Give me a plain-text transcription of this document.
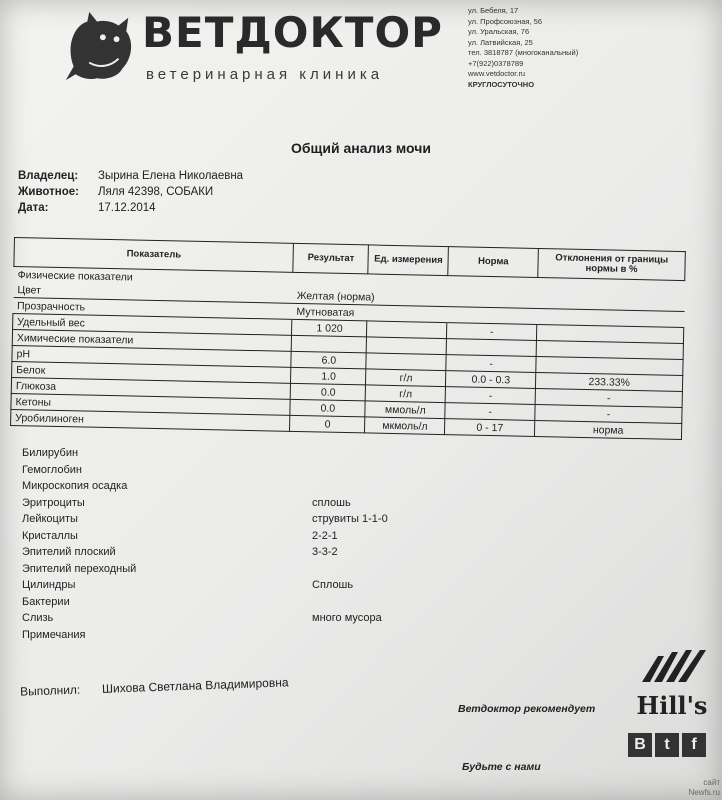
ВЕТДОКТОР
ветеринарная клиника
ул. Бебеля, 17
ул. Профсоюзная, 56
ул. Уральская, 76
ул. Латвийская, 25
тел. 3818787 (многоканальный)
+7(922)0378789
www.vetdoctor.ru
КРУГЛОСУТОЧНО
Общий анализ мочи
Владелец:	Зырина Елена Николаевна
Животное:	Ляля 42398, СОБАКИ
Дата:	17.12.2014
Показатель	Результат	Ед. измерения	Норма	Отклонения от границы нормы в %
Физические показатели				
Цвет	Желтая (норма)			
Прозрачность	Мутноватая			
Удельный вес	1 020		-	
Химические показатели				
pH	6.0		-	
Белок	1.0	г/л	0.0 - 0.3	233.33%
Глюкоза	0.0	г/л	-	-
Кетоны	0.0	ммоль/л	-	-
Уробилиноген	0	мкмоль/л	0 - 17	норма
Билирубин
Гемоглобин
Микроскопия осадка
Эритроциты	сплошь
Лейкоциты	струвиты 1-1-0
Кристаллы	2-2-1
Эпителий плоский	3-3-2
Эпителий переходный
Цилиндры	Сплошь
Бактерии
Слизь	много мусора
Примечания
Выполнил: Шихова Светлана Владимировна
Hill's
Ветдоктор рекомендует
B	t	f
Будьте с нами
сайт
Newfs.ru
